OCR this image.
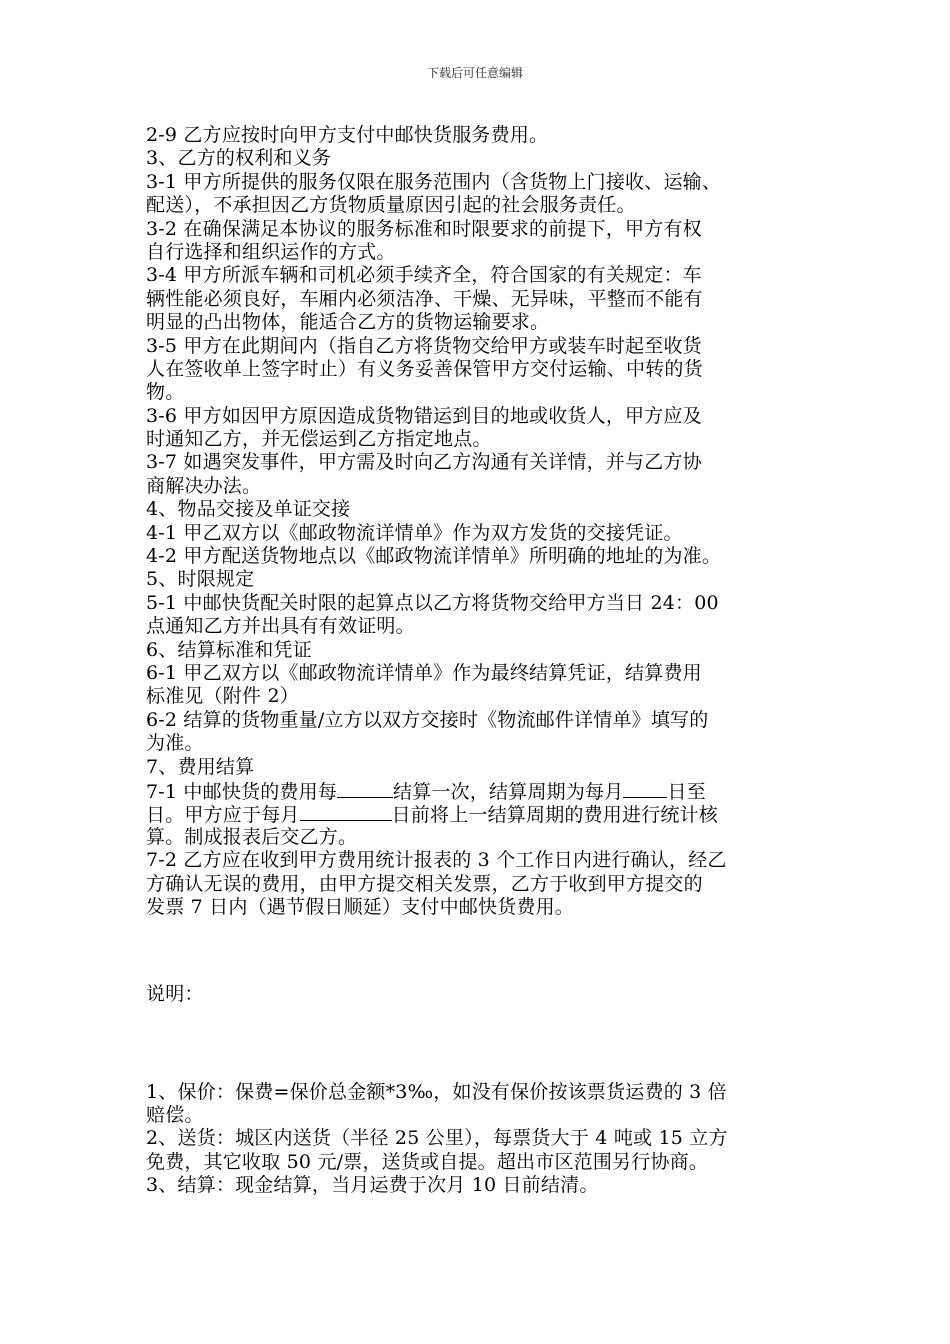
下载后可任意编辑
2-9 乙方应按时向甲方支付中邮快货服务费用。
3、乙方的权利和义务
3-1 甲方所提供的服务仅限在服务范围内（含货物上门接收、运输、
配送），不承担因乙方货物质量原因引起的社会服务责任。
3-2 在确保满足本协议的服务标准和时限要求的前提下，甲方有权
自行选择和组织运作的方式。
3-4 甲方所派车辆和司机必须手续齐全，符合国家的有关规定：车
辆性能必须良好，车厢内必须洁净、干燥、无异味，平整而不能有
明显的凸出物体，能适合乙方的货物运输要求。
3-5 甲方在此期间内（指自乙方将货物交给甲方或装车时起至收货
人在签收单上签字时止）有义务妥善保管甲方交付运输、中转的货
物。
3-6 甲方如因甲方原因造成货物错运到目的地或收货人，甲方应及
时通知乙方，并无偿运到乙方指定地点。
3-7 如遇突发事件，甲方需及时向乙方沟通有关详情，并与乙方协
商解决办法。
4、物品交接及单证交接
4-1 甲乙双方以《邮政物流详情单》作为双方发货的交接凭证。
4-2 甲方配送货物地点以《邮政物流详情单》所明确的地址的为准。
5、时限规定
5-1 中邮快货配关时限的起算点以乙方将货物交给甲方当日 24：00
点通知乙方并出具有有效证明。
6、结算标准和凭证
6-1 甲乙双方以《邮政物流详情单》作为最终结算凭证，结算费用
标准见（附件 2）
6-2 结算的货物重量/立方以双方交接时《物流邮件详情单》填写的
为准。
7、费用结算
7-1 中邮快货的费用每	结算一次，结算周期为每月 日至
日。甲方应于每月	日前将上一结算周期的费用进行统计核
算。制成报表后交乙方。
7-2 乙方应在收到甲方费用统计报表的 3 个工作日内进行确认，经乙
方确认无误的费用，由甲方提交相关发票，乙方于收到甲方提交的
发票 7 日内（遇节假日顺延）支付中邮快货费用。
说明：
1、保价：保费=保价总金额*3‰，如没有保价按该票货运费的 3 倍
赔偿。
2、送货：城区内送货（半径 25 公里），每票货大于 4 吨或 15 立方
免费，其它收取 50 元/票，送货或自提。超出市区范围另行协商。
3、结算：现金结算，当月运费于次月 10 日前结清。
